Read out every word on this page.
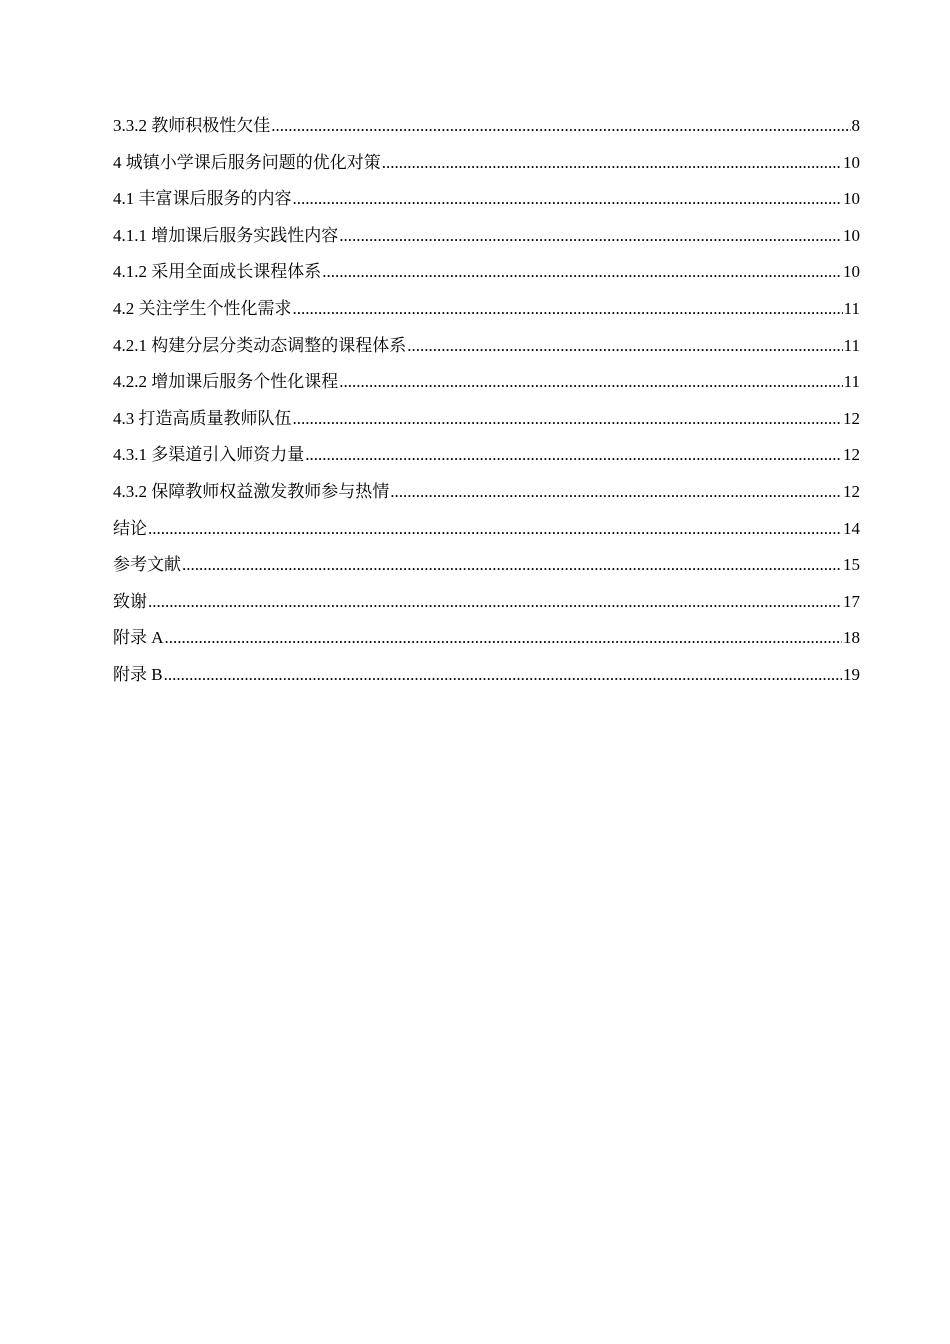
3.3.2 教师积极性欠佳 .....	8
4 城镇小学课后服务问题的优化对策 .....	10
4.1 丰富课后服务的内容 .....	10
4.1.1 增加课后服务实践性内容 .....	10
4.1.2 采用全面成长课程体系 .....	10
4.2 关注学生个性化需求 .....	11
4.2.1 构建分层分类动态调整的课程体系 .....	11
4.2.2 增加课后服务个性化课程 .....	11
4.3 打造高质量教师队伍 .....	12
4.3.1 多渠道引入师资力量 .....	12
4.3.2 保障教师权益激发教师参与热情 .....	12
结论 .....	14
参考文献 .....	15
致谢 .....	17
附录 A .....	18
附录 B .....	19
